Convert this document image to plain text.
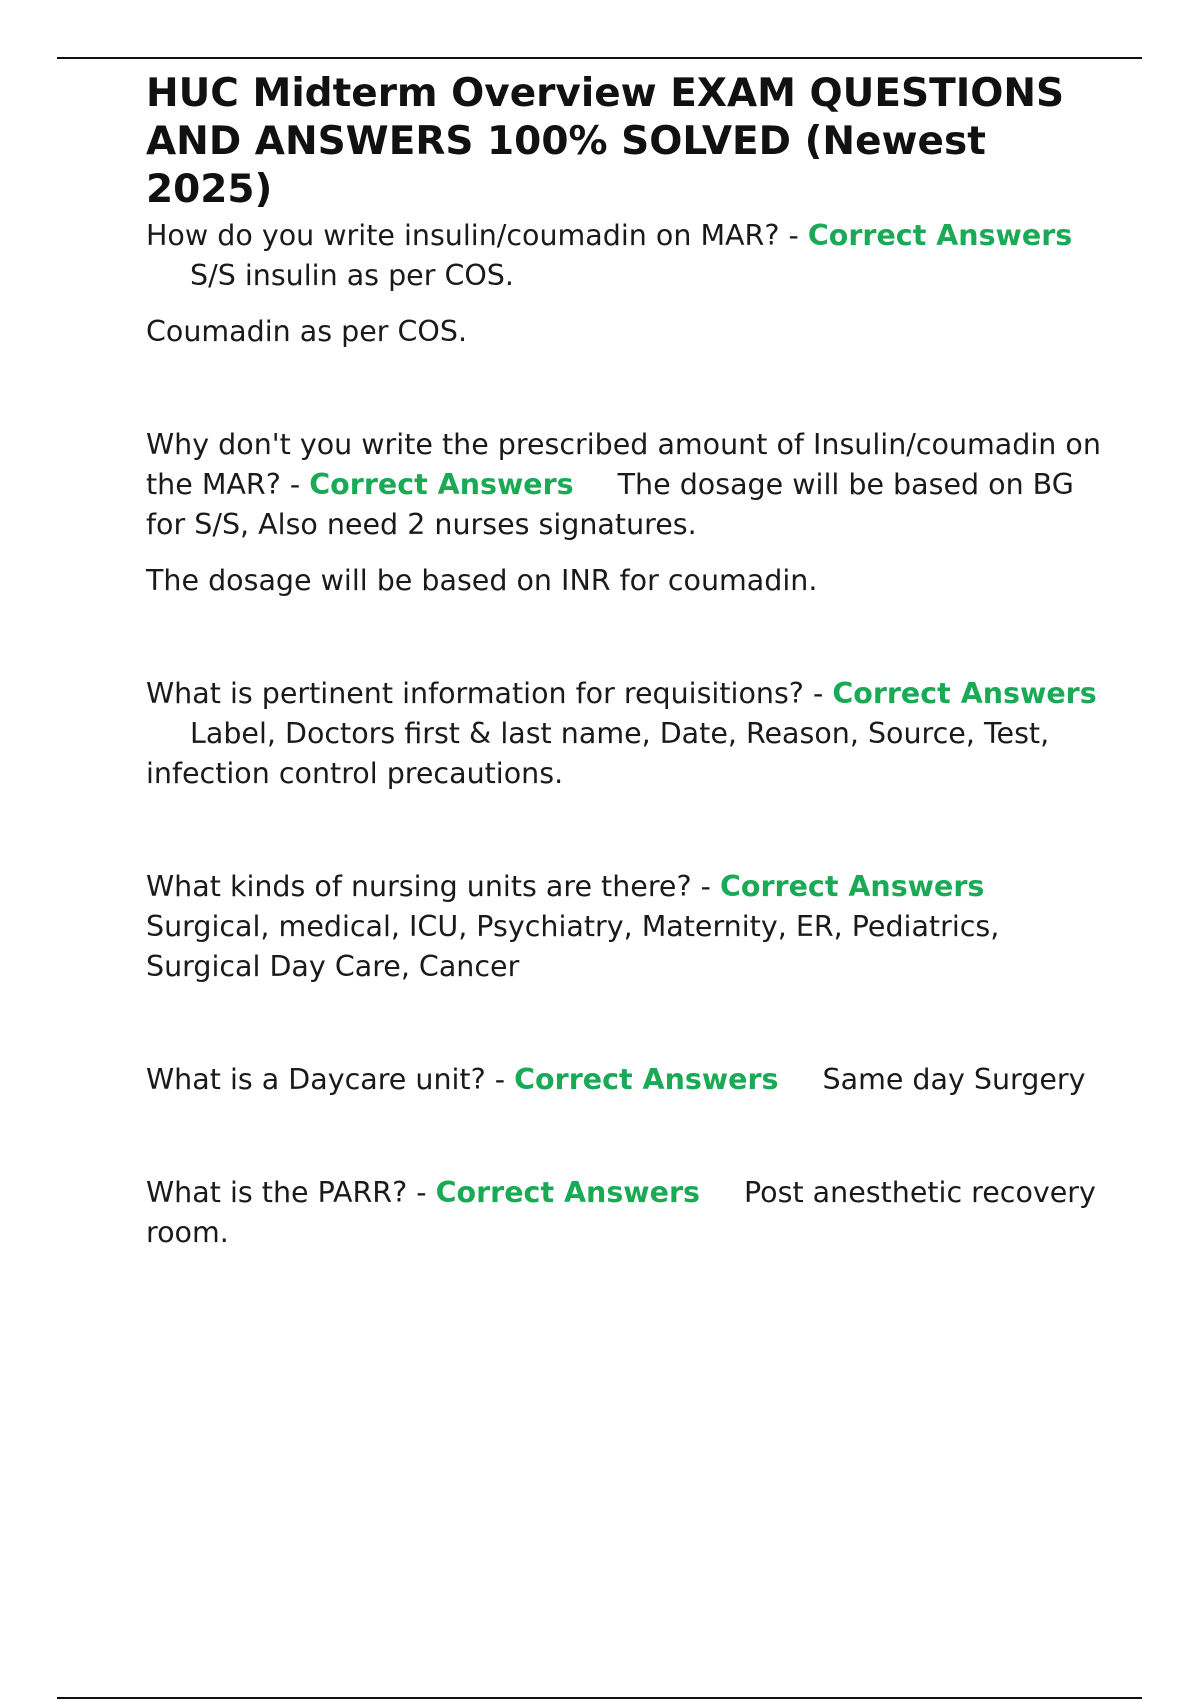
HUC Midterm Overview EXAM QUESTIONS AND ANSWERS 100% SOLVED (Newest 2025)

How do you write insulin/coumadin on MAR? - Correct AnswersS/S insulin as per COS.

Coumadin as per COS.

Why don't you write the prescribed amount of Insulin/coumadin on the MAR? - Correct Answers The dosage will be based on BG for S/S, Also need 2 nurses signatures.

The dosage will be based on INR for coumadin.

What is pertinent information for requisitions? - Correct AnswersLabel, Doctors first & last name, Date, Reason, Source, Test, infection control precautions.

What kinds of nursing units are there? - Correct AnswersSurgical, medical, ICU, Psychiatry, Maternity, ER, Pediatrics, Surgical Day Care, Cancer

What is a Daycare unit? - Correct Answers Same day Surgery

What is the PARR? - Correct Answers Post anesthetic recovery room.
